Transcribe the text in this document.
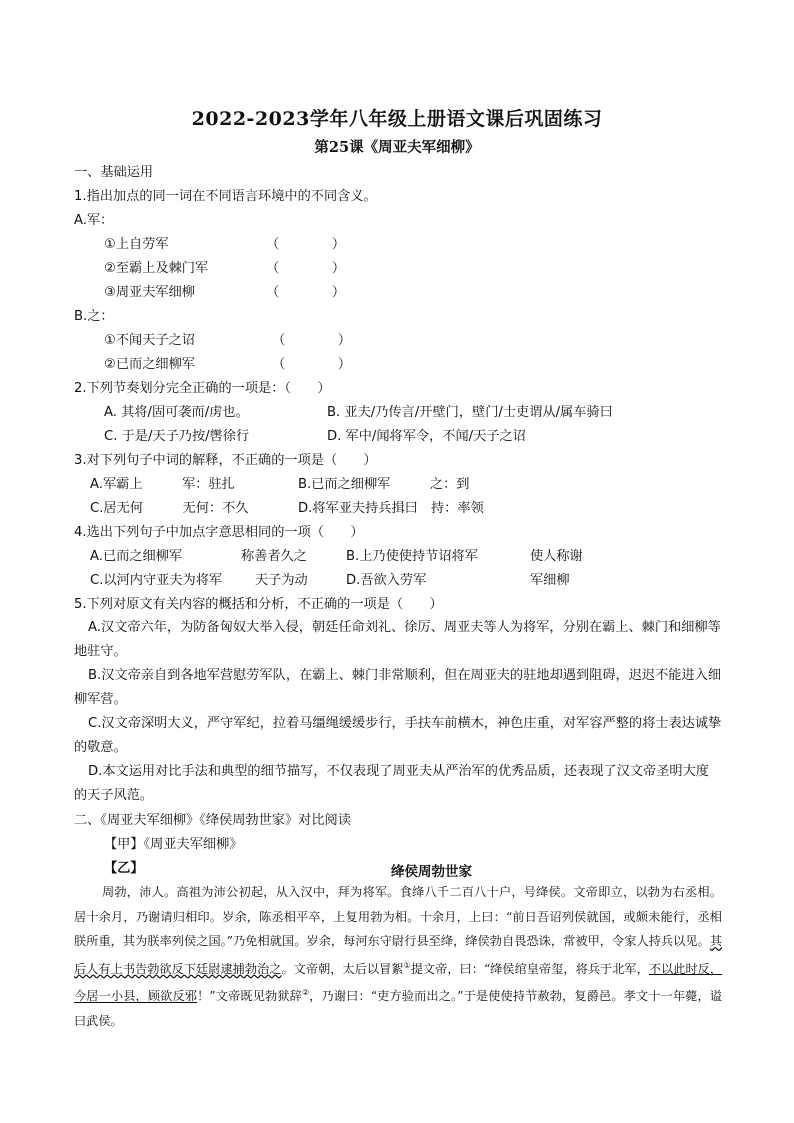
2022-2023学年八年级上册语文课后巩固练习
第25课《周亚夫军细柳》
一、基础运用
1.指出加点的同一词在不同语言环境中的不同含义。
A.军：
①上自劳军	（　　　　）
②至霸上及棘门军	（　　　　）
③周亚夫军细柳	（　　　　）
B.之：
①不闻天子之诏	（　　　　）
②已而之细柳军	（　　　　）
2.下列节奏划分完全正确的一项是：（　　）
A. 其将/固可袭而/虏也。	B. 亚夫/乃传言/开壁门，壁门/士吏谓从/属车骑曰
C. 于是/天子乃按/辔徐行	D. 军中/闻将军令，不闻/天子之诏
3.对下列句子中词的解释，不正确的一项是（　　）
A.军霸上　　　军：驻扎	B.已而之细柳军　　　之：到
C.居无何　　　无何：不久	D.将军亚夫持兵揖曰　持：率领
4.选出下列句子中加点字意思相同的一项（　　）
A.已而之细柳军	称善者久之	B.上乃使使持节诏将军	使人称谢
C.以河内守亚夫为将军 天子为动	D.吾欲入劳军	军细柳
5.下列对原文有关内容的概括和分析，不正确的一项是（　　）
A.汉文帝六年，为防备匈奴大举入侵，朝廷任命刘礼、徐厉、周亚夫等人为将军，分别在霸上、棘门和细柳等地驻守。
B.汉文帝亲自到各地军营慰劳军队，在霸上、棘门非常顺利，但在周亚夫的驻地却遇到阻碍，迟迟不能进入细柳军营。
C.汉文帝深明大义，严守军纪，拉着马缰绳缓缓步行，手扶车前横木，神色庄重，对军容严整的将士表达诚挚的敬意。
D.本文运用对比手法和典型的细节描写，不仅表现了周亚夫从严治军的优秀品质，还表现了汉文帝圣明大度的天子风范。
二、《周亚夫军细柳》《绛侯周勃世家》对比阅读
【甲】《周亚夫军细柳》
【乙】	绛侯周勃世家
周勃，沛人。高祖为沛公初起，从入汉中，拜为将军。食绛八千二百八十户，号绛侯。文帝即立，以勃为右丞相。居十余月，乃谢请归相印。岁余，陈丞相平卒，上复用勃为相。十余月，上曰：“前日吾诏列侯就国，或颇未能行，丞相朕所重，其为朕率列侯之国。”乃免相就国。岁余，每河东守尉行县至绛，绛侯勃自畏恐诛，常被甲，令家人持兵以见。其后人有上书告勃欲反下廷尉逮捕勃治之。文帝朝，太后以冒絮①提文帝，曰：“绛侯绾皇帝玺，将兵于北军，不以此时反，今居一小县，顾欲反邪！”文帝既见勃狱辞②，乃谢曰：“吏方验而出之。”于是使使持节赦勃，复爵邑。孝文十一年薨，谥曰武侯。
